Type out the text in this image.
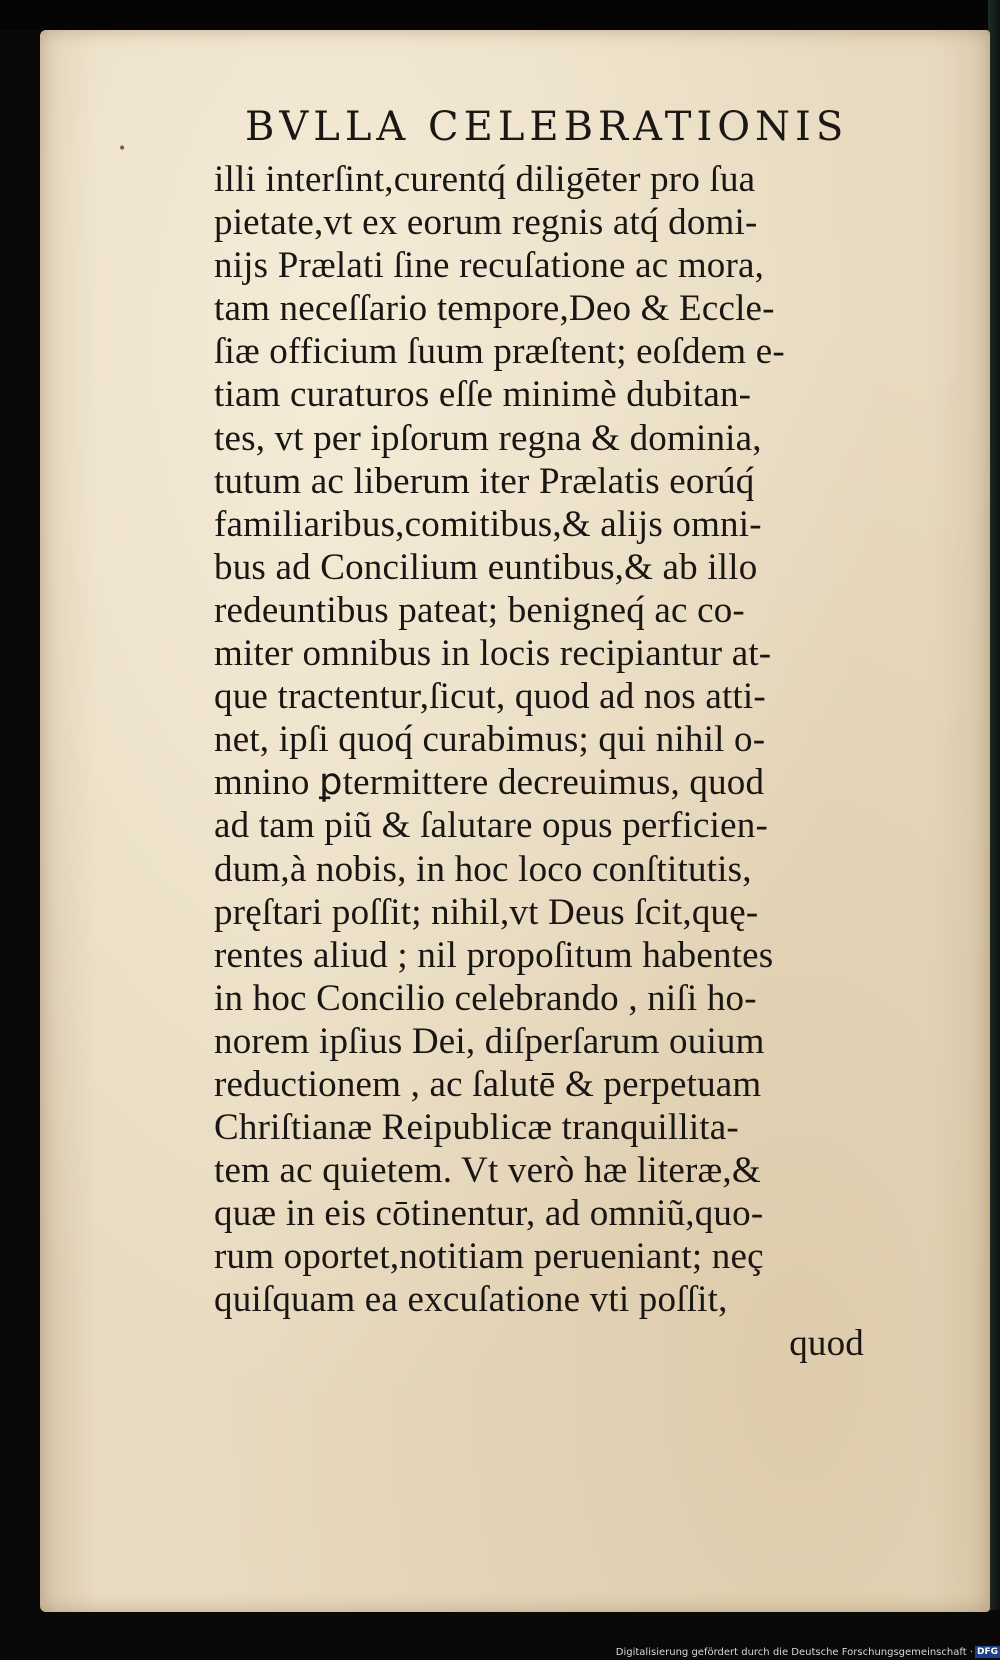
•	BVLLA CELEBRATIONIS
illi interſint,curentq́ diligēter pro ſua
pietate,vt ex eorum regnis atq́ domi-
nijs Prælati ſine recuſatione ac mora,
tam neceſſario tempore,Deo & Eccle-
ſiæ officium ſuum præſtent; eoſdem e-
tiam curaturos eſſe minimè dubitan-
tes, vt per ipſorum regna & dominia,
tutum ac liberum iter Prælatis eorúq́
familiaribus,comitibus,& alijs omni-
bus ad Concilium euntibus,& ab illo
redeuntibus pateat; benigneq́ ac co-
miter omnibus in locis recipiantur at-
que tractentur,ſicut, quod ad nos atti-
net, ipſi quoq́ curabimus; qui nihil o-
mnino ꝑtermittere decreuimus, quod
ad tam piũ & ſalutare opus perficien-
dum,à nobis, in hoc loco conſtitutis,
pręſtari poſſit; nihil,vt Deus ſcit,quę-
rentes aliud ; nil propoſitum habentes
in hoc Concilio celebrando , niſi ho-
norem ipſius Dei, diſperſarum ouium
reductionem , ac ſalutē & perpetuam
Chriſtianæ Reipublicæ tranquillita-
tem ac quietem. Vt verò hæ literæ,&
quæ in eis cōtinentur, ad omniũ,quo-
rum oportet,notitiam perueniant; neç
quiſquam ea excuſatione vti poſſit,
quod
Digitalisierung gefördert durch die Deutsche Forschungsgemeinschaft · DFG
